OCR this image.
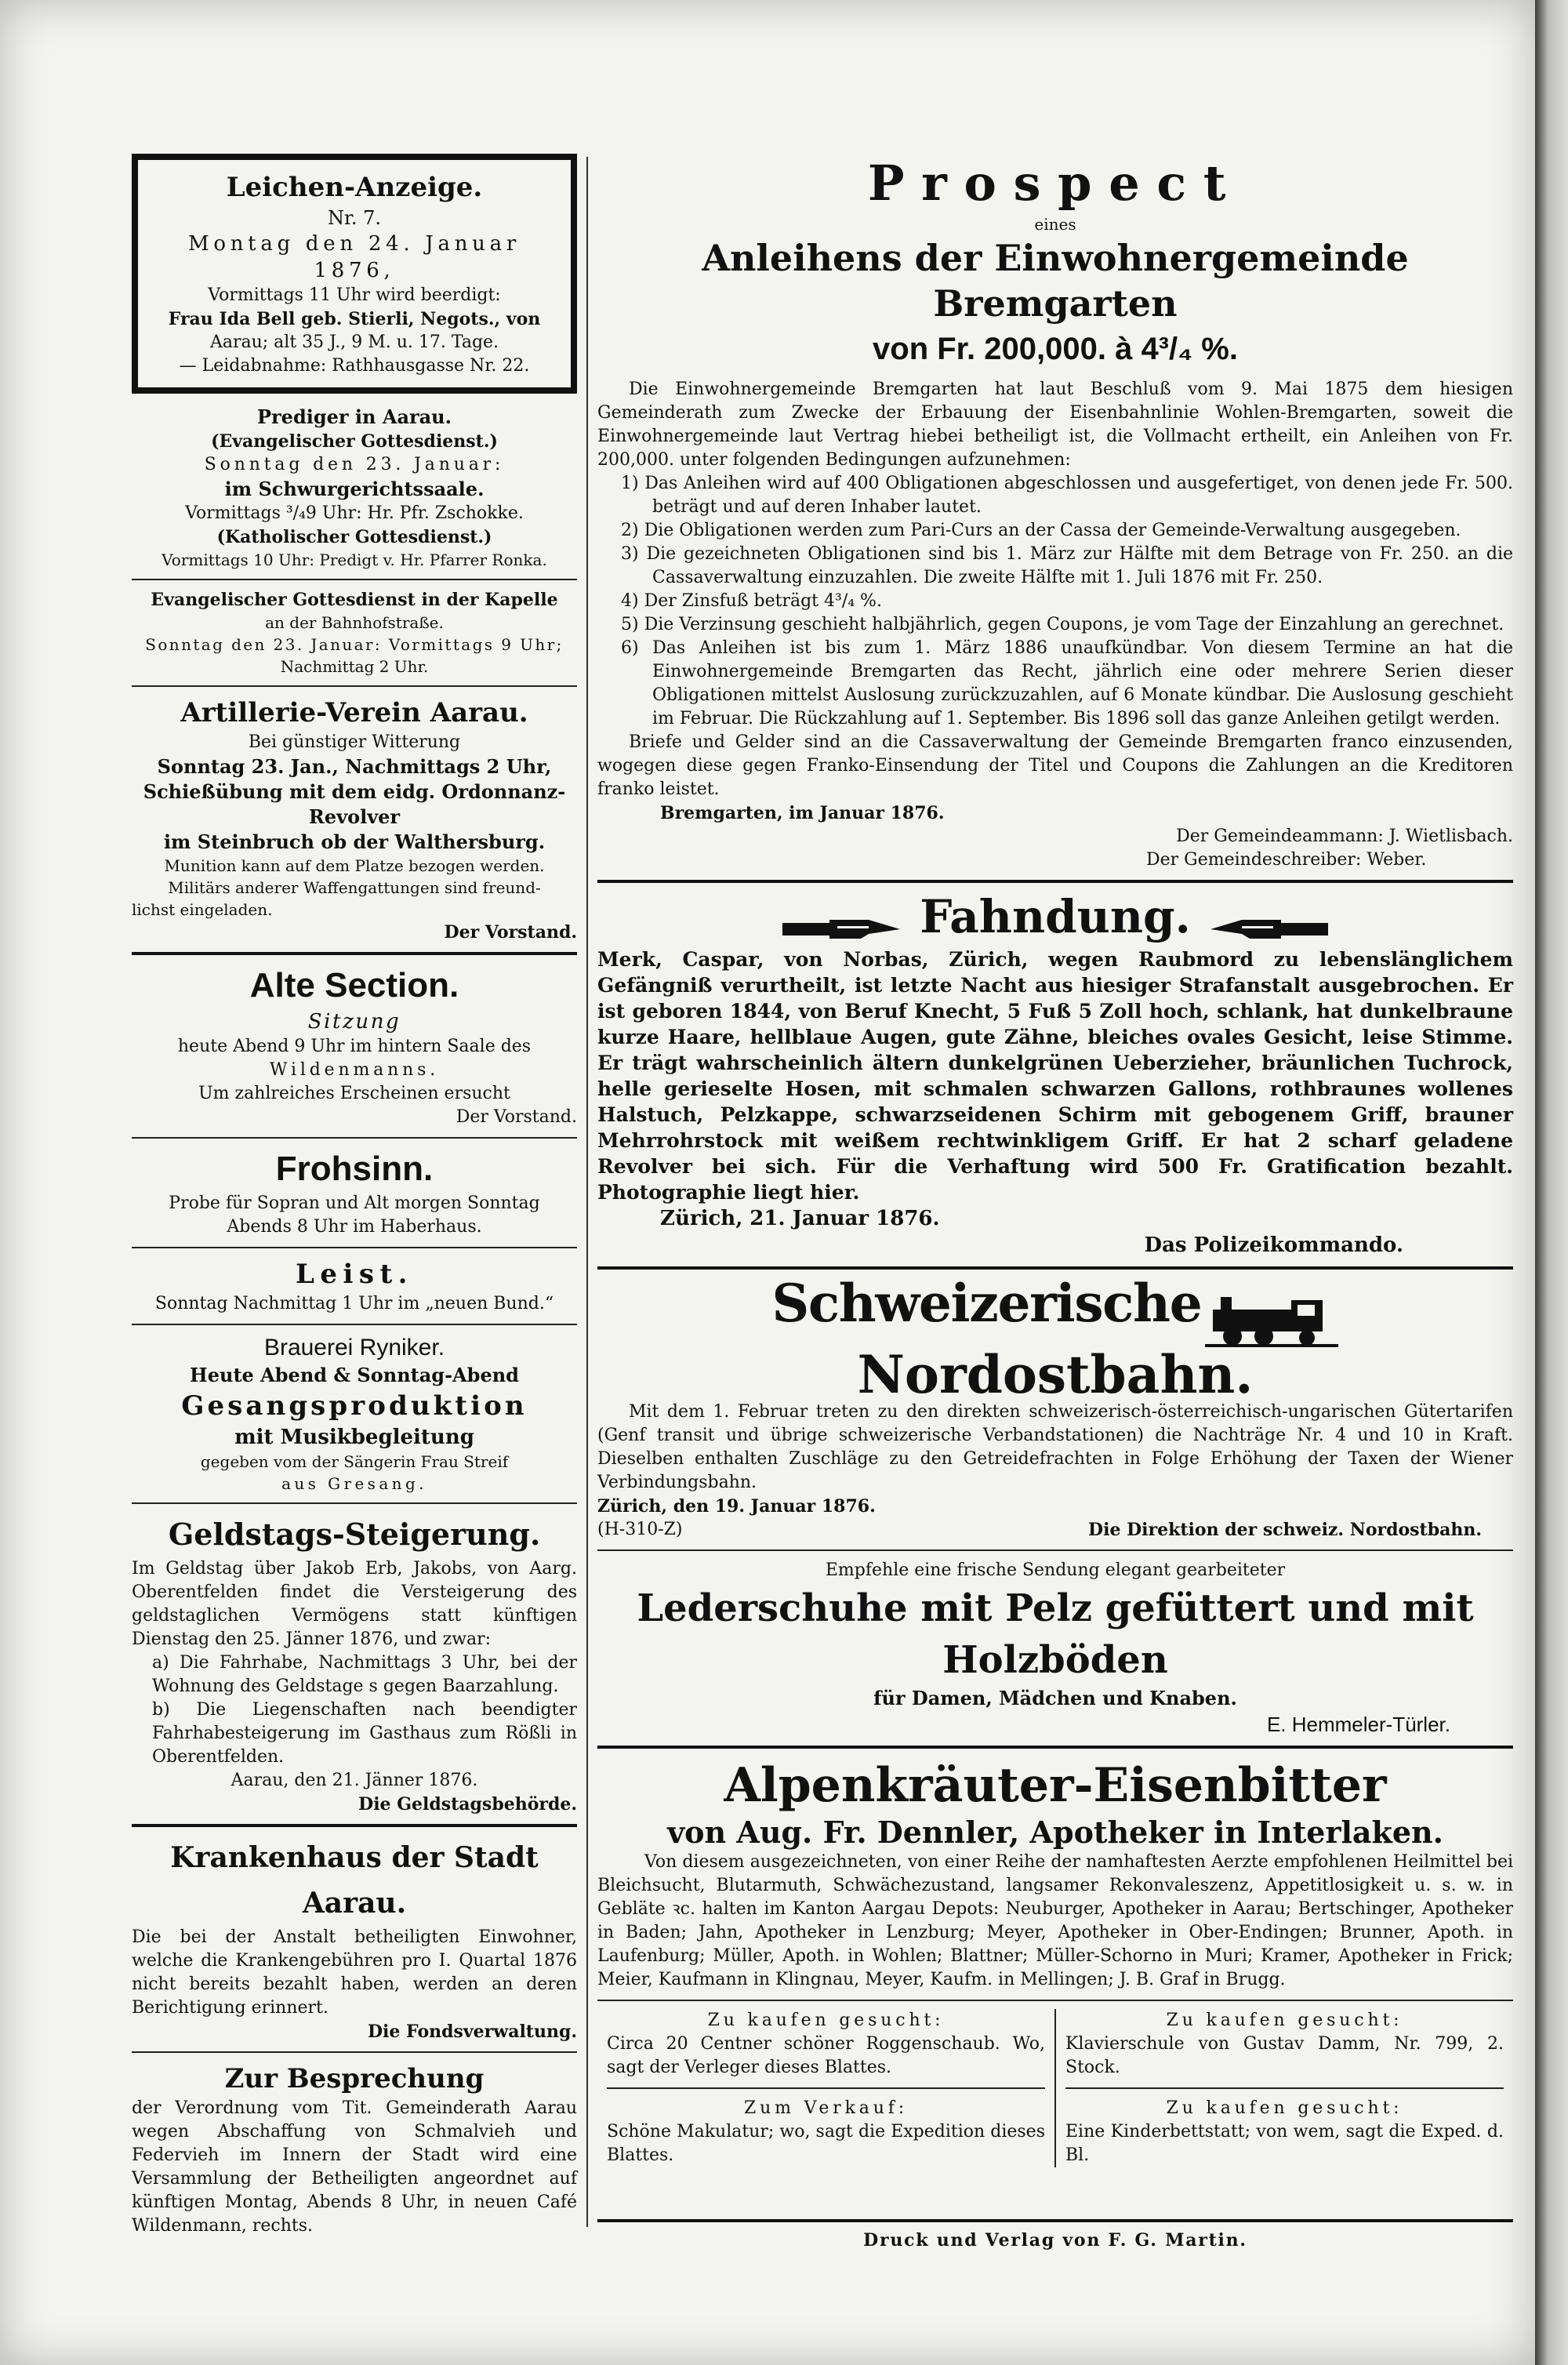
Leichen-Anzeige.

Nr. 7.

Montag den 24. Januar 1876,

Vormittags 11 Uhr wird beerdigt:

Frau Ida Bell geb. Stierli, Negots., von

Aarau; alt 35 J., 9 M. u. 17. Tage.

— Leidabnahme: Rathhausgasse Nr. 22.

Prediger in Aarau.

(Evangelischer Gottesdienst.)

Sonntag den 23. Januar:

im Schwurgerichtssaale.

Vormittags ³/₄9 Uhr: Hr. Pfr. Zschokke.

(Katholischer Gottesdienst.)

Vormittags 10 Uhr: Predigt v. Hr. Pfarrer Ronka.

Evangelischer Gottesdienst in der Kapelle

an der Bahnhofstraße.

Sonntag den 23. Januar: Vormittags 9 Uhr;

Nachmittag 2 Uhr.

Artillerie-Verein Aarau.

Bei günstiger Witterung

Sonntag 23. Jan., Nachmittags 2 Uhr,

Schießübung mit dem eidg. Ordonnanz-

Revolver

im Steinbruch ob der Walthersburg.

Munition kann auf dem Platze bezogen werden.

Militärs anderer Waffengattungen sind freund-

lichst eingeladen.

Der Vorstand.

Alte Section.

Sitzung

heute Abend 9 Uhr im hintern Saale des

Wildenmanns.

Um zahlreiches Erscheinen ersucht

Der Vorstand.

Frohsinn.

Probe für Sopran und Alt morgen Sonntag

Abends 8 Uhr im Haberhaus.

Leist.

Sonntag Nachmittag 1 Uhr im „neuen Bund.“

Brauerei Ryniker.

Heute Abend & Sonntag-Abend

Gesangsproduktion

mit Musikbegleitung

gegeben vom der Sängerin Frau Streif

aus Gresang.

Geldstags-Steigerung.

Im Geldstag über Jakob Erb, Jakobs, von Aarg. Oberentfelden findet die Versteigerung des geldstaglichen Vermögens statt künftigen Dienstag den 25. Jänner 1876, und zwar:

a) Die Fahrhabe, Nachmittags 3 Uhr, bei der Wohnung des Geldstage s gegen Baarzahlung.

b) Die Liegenschaften nach beendigter Fahrhabesteigerung im Gasthaus zum Rößli in Oberentfelden.

Aarau, den 21. Jänner 1876.

Die Geldstagsbehörde.

Krankenhaus der Stadt Aarau.

Die bei der Anstalt betheiligten Einwohner, welche die Krankengebühren pro I. Quartal 1876 nicht bereits bezahlt haben, werden an deren Berichtigung erinnert.

Die Fondsverwaltung.

Zur Besprechung

der Verordnung vom Tit. Gemeinderath Aarau wegen Abschaffung von Schmalvieh und Federvieh im Innern der Stadt wird eine Versammlung der Betheiligten angeordnet auf künftigen Montag, Abends 8 Uhr, in neuen Café Wildenmann, rechts.

Prospect

eines

Anleihens der Einwohnergemeinde Bremgarten

von Fr. 200,000. à 4³/₄ %.

Die Einwohnergemeinde Bremgarten hat laut Beschluß vom 9. Mai 1875 dem hiesigen Gemeinderath zum Zwecke der Erbauung der Eisenbahnlinie Wohlen-Bremgarten, soweit die Einwohnergemeinde laut Vertrag hiebei betheiligt ist, die Vollmacht ertheilt, ein Anleihen von Fr. 200,000. unter folgenden Bedingungen aufzunehmen:

1) Das Anleihen wird auf 400 Obligationen abgeschlossen und ausgefertiget, von denen jede Fr. 500. beträgt und auf deren Inhaber lautet.

2) Die Obligationen werden zum Pari-Curs an der Cassa der Gemeinde-Verwaltung ausgegeben.

3) Die gezeichneten Obligationen sind bis 1. März zur Hälfte mit dem Betrage von Fr. 250. an die Cassaverwaltung einzuzahlen. Die zweite Hälfte mit 1. Juli 1876 mit Fr. 250.

4) Der Zinsfuß beträgt 4³/₄ %.

5) Die Verzinsung geschieht halbjährlich, gegen Coupons, je vom Tage der Einzahlung an gerechnet.

6) Das Anleihen ist bis zum 1. März 1886 unaufkündbar. Von diesem Termine an hat die Einwohnergemeinde Bremgarten das Recht, jährlich eine oder mehrere Serien dieser Obligationen mittelst Auslosung zurückzuzahlen, auf 6 Monate kündbar. Die Auslosung geschieht im Februar. Die Rückzahlung auf 1. September. Bis 1896 soll das ganze Anleihen getilgt werden.

Briefe und Gelder sind an die Cassaverwaltung der Gemeinde Bremgarten franco einzusenden, wogegen diese gegen Franko-Einsendung der Titel und Coupons die Zahlungen an die Kreditoren franko leistet.

Bremgarten, im Januar 1876.

Der Gemeindeammann: J. Wietlisbach.

Der Gemeindeschreiber: Weber.

Fahndung.

Merk, Caspar, von Norbas, Zürich, wegen Raubmord zu lebenslänglichem Gefängniß verurtheilt, ist letzte Nacht aus hiesiger Strafanstalt ausgebrochen. Er ist geboren 1844, von Beruf Knecht, 5 Fuß 5 Zoll hoch, schlank, hat dunkelbraune kurze Haare, hellblaue Augen, gute Zähne, bleiches ovales Gesicht, leise Stimme. Er trägt wahrscheinlich ältern dunkelgrünen Ueberzieher, bräunlichen Tuchrock, helle gerieselte Hosen, mit schmalen schwarzen Gallons, rothbraunes wollenes Halstuch, Pelzkappe, schwarzseidenen Schirm mit gebogenem Griff, brauner Mehrrohrstock mit weißem rechtwinkligem Griff. Er hat 2 scharf geladene Revolver bei sich. Für die Verhaftung wird 500 Fr. Gratification bezahlt. Photographie liegt hier.

Zürich, 21. Januar 1876.

Das Polizeikommando.

Schweizerische  Nordostbahn.

Mit dem 1. Februar treten zu den direkten schweizerisch-österreichisch-ungarischen Gütertarifen (Genf transit und übrige schweizerische Verbandstationen) die Nachträge Nr. 4 und 10 in Kraft. Dieselben enthalten Zuschläge zu den Getreidefrachten in Folge Erhöhung der Taxen der Wiener Verbindungsbahn.

Zürich, den 19. Januar 1876.

(H-310-Z)	Die Direktion der schweiz. Nordostbahn.

Empfehle eine frische Sendung elegant gearbeiteter

Lederschuhe mit Pelz gefüttert und mit Holzböden

für Damen, Mädchen und Knaben.

E. Hemmeler-Türler.

Alpenkräuter-Eisenbitter

von Aug. Fr. Dennler, Apotheker in Interlaken.

Von diesem ausgezeichneten, von einer Reihe der namhaftesten Aerzte empfohlenen Heilmittel bei Bleichsucht, Blutarmuth, Schwächezustand, langsamer Rekonvaleszenz, Appetitlosigkeit u. s. w. in Gebläte ꝛc. halten im Kanton Aargau Depots: Neuburger, Apotheker in Aarau; Bertschinger, Apotheker in Baden; Jahn, Apotheker in Lenzburg; Meyer, Apotheker in Ober-Endingen; Brunner, Apoth. in Laufenburg; Müller, Apoth. in Wohlen; Blattner; Müller-Schorno in Muri; Kramer, Apotheker in Frick; Meier, Kaufmann in Klingnau, Meyer, Kaufm. in Mellingen; J. B. Graf in Brugg.

Zu kaufen gesucht:

Circa 20 Centner schöner Roggenschaub. Wo, sagt der Verleger dieses Blattes.

Zum Verkauf:

Schöne Makulatur; wo, sagt die Expedition dieses Blattes.

Zu kaufen gesucht:

Klavierschule von Gustav Damm, Nr. 799, 2. Stock.

Zu kaufen gesucht:

Eine Kinderbettstatt; von wem, sagt die Exped. d. Bl.

Druck und Verlag von F. G. Martin.
